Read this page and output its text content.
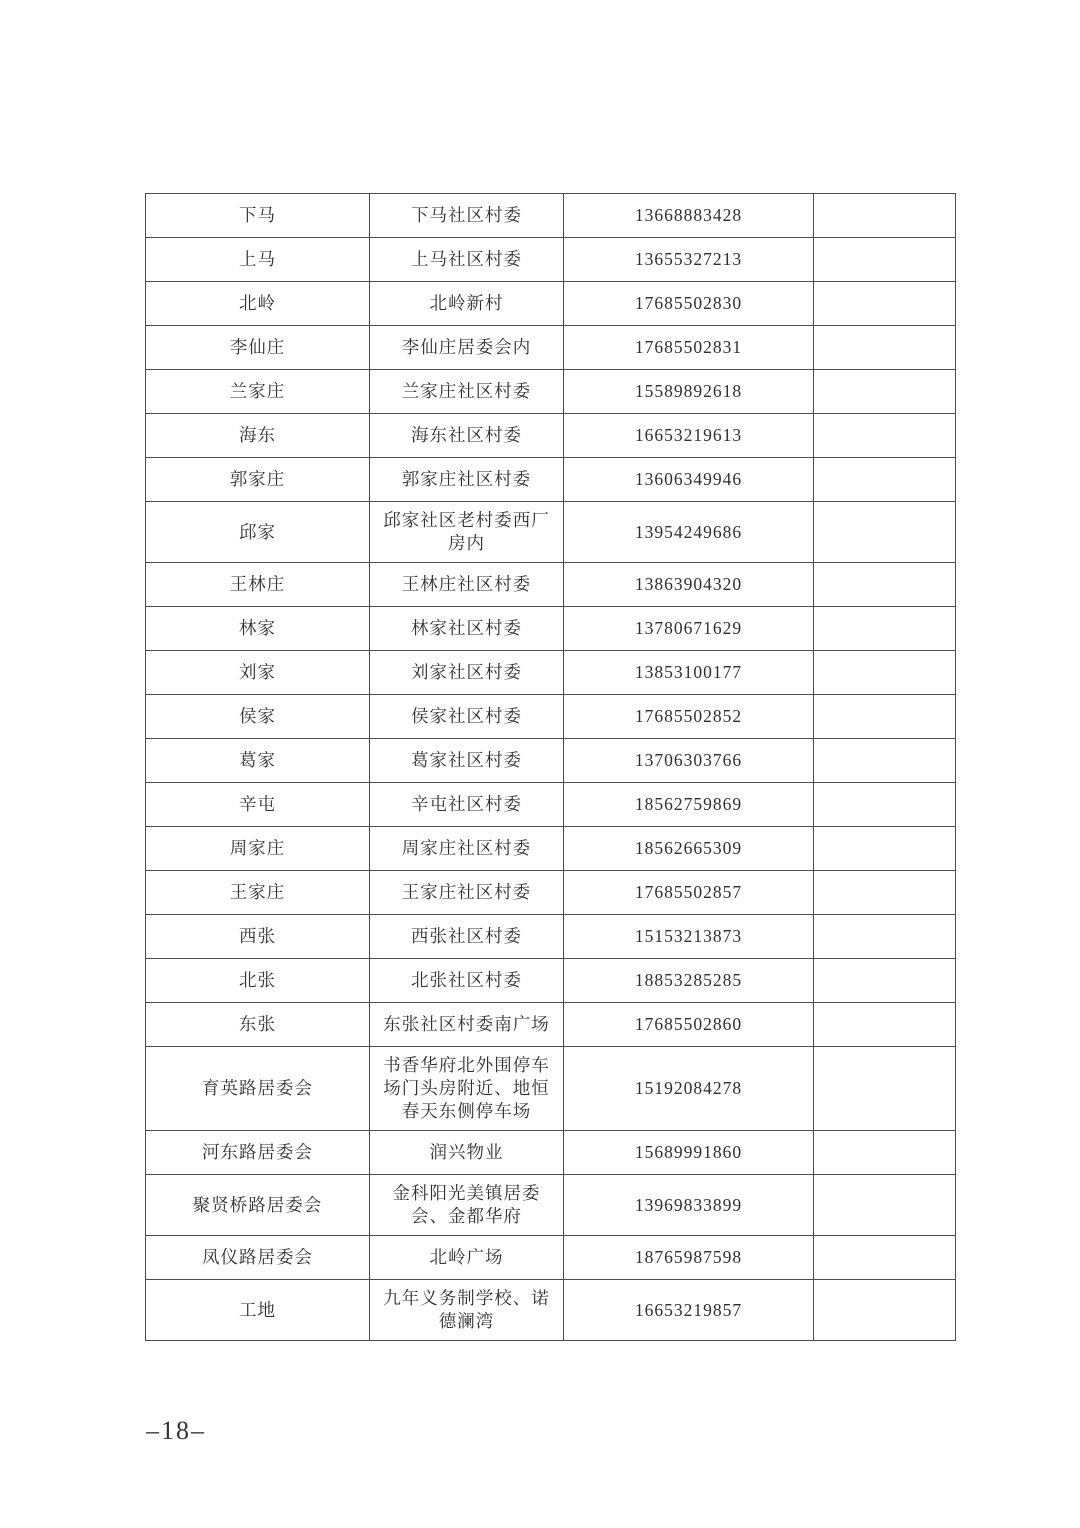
下马	下马社区村委	13668883428	
上马	上马社区村委	13655327213	
北岭	北岭新村	17685502830	
李仙庄	李仙庄居委会内	17685502831	
兰家庄	兰家庄社区村委	15589892618	
海东	海东社区村委	16653219613	
郭家庄	郭家庄社区村委	13606349946	
邱家	邱家社区老村委西厂房内	13954249686	
王林庄	王林庄社区村委	13863904320	
林家	林家社区村委	13780671629	
刘家	刘家社区村委	13853100177	
侯家	侯家社区村委	17685502852	
葛家	葛家社区村委	13706303766	
辛屯	辛屯社区村委	18562759869	
周家庄	周家庄社区村委	18562665309	
王家庄	王家庄社区村委	17685502857	
西张	西张社区村委	15153213873	
北张	北张社区村委	18853285285	
东张	东张社区村委南广场	17685502860	
育英路居委会	书香华府北外围停车场门头房附近、地恒春天东侧停车场	15192084278	
河东路居委会	润兴物业	15689991860	
聚贤桥路居委会	金科阳光美镇居委会、金都华府	13969833899	
凤仪路居委会	北岭广场	18765987598	
工地	九年义务制学校、诺德澜湾	16653219857	
–18–
